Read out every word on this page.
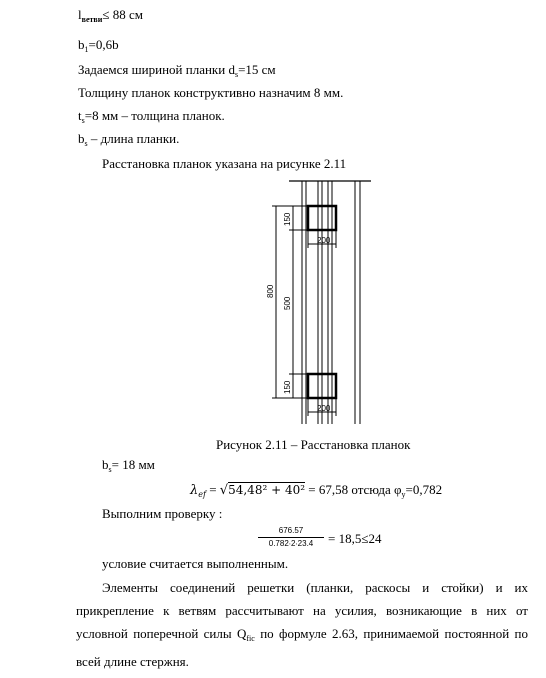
$l_{ветви}\le 88$ см
$b_1=0,6b$
Задаемся шириной планки $d_s=15$ см
Толщину планок конструктивно назначим 8 мм.
$t_s=8$ мм – толщина планок.
$b_s$ – длина планки.
Расстановка планок указана на рисунке 2.11
150
800
500
150
200
200
Рисунок 2.11 – Расстановка планок
$b_s= 18$ мм
$\lambda_{ef} = √54,48^2 + 40^2 = 67,58$ отсюда $\varphi_y=0,782$
Выполним проверку :
676.57
0.782∙2∙23.4	= 18,5≤24
условие считается выполненным.
Элементы соединений решетки (планки, раскосы и стойки) и их прикрепление к ветвям рассчитывают на усилия, возникающие в них от условной поперечной силы $Q_{fic}$ по формуле 2.63, принимаемой постоянной по всей длине стержня.
